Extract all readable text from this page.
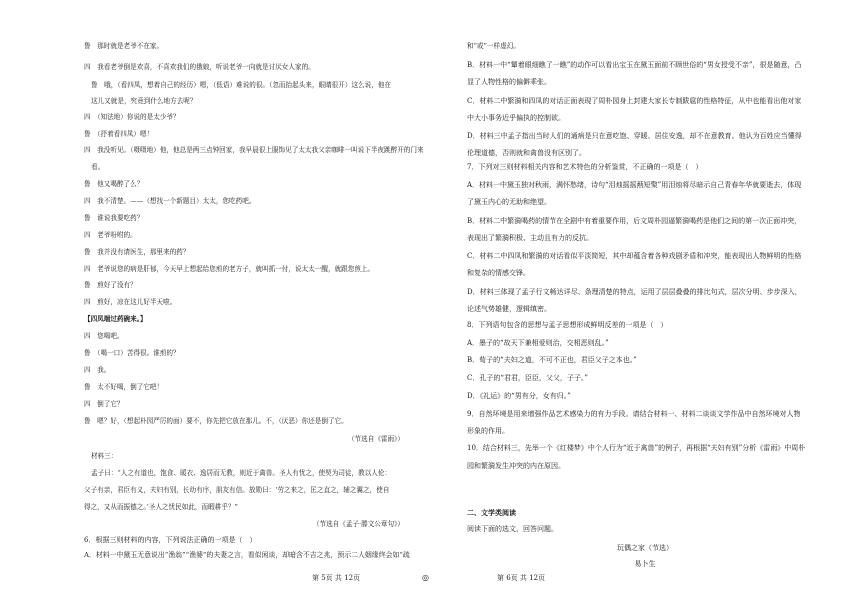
鲁　那时就是老爷不在家。
四　我看老爷倒是欢喜，不喜欢我们的俄娘，听说老爷一向就是讨厌女人家的。
鲁　哦，（看四凤，想着自己的经历）嗯，（低语）难说的很。（忽而抬起头来，眼睛很开）这么说，他在
这儿又就是，究竟到什么地方去呢？
四　（知法地）你说的是太少爷？
鲁　（抒着看四凤）嗯！
四　我没听见。（嗫嗫地）他，他总是两三点钟回家，我早晨很上服饰见了太太我父亲咖啡一叫说下半夜跳醉开的门来
看。
鲁　他又喝醉了么？
四　我不清楚。——（想找一个新题目）太太，您吃药吧。
鲁　谁说我要吃药？
四　老爷吩咐的。
鲁　我并没有请医生，那里来的药？
四　老爷说您的病是肝郁，今天早上想起给您煎的老方子，就叫抓一付，说太太一醒，就跟您煎上。
鲁　煎好了没有？
四　煎好，凉在这儿好半天啦。
【四凤端过药碗来。】
四　您喝吧。
鲁　（喝一口）苦得很。谁煎的？
四　我。
鲁　太不好喝，倒了它吧！
四　倒了它？
鲁　嗯？好，（想起朴园严厉的面）要不，你先把它放在那儿。不，（厌恶）你还是倒了它。
（节选自《雷雨》）
材料三：
孟子曰：“人之有道也，饱食、暖衣、逸居而无教，则近于禽兽。圣人有忧之，使契为司徒，教以人伦：
父子有亲，君臣有义，夫妇有别，长幼有序，朋友有信。放勋曰：‘劳之来之，匡之直之，辅之翼之，使自
得之，又从而振德之。’圣人之忧民如此，而暇耕乎？”
（节选自《孟子·滕文公章句》）
6．根据三则材料的内容，下列说法正确的一项是（　）
A．材料一中黛玉无意说出“渔翁”“渔婆”的夫妻之言，看似闲谈，却暗含不吉之兆，预示二人姻缘终会如“疏
和“或”一样虚幻。
B．材料一中“颦着眼细瞧了一瞧”的动作可以看出宝玉在黛玉面前不顾世俗的“男女授受不亲”，很是随意，凸
显了人物性格的偏僻乖张。
C．材料二中繁漪和四凤的对话正面表现了周朴园身上封建大家长专制跋扈的性格特征，从中也能看出他对家
中大小事务近乎偏执的控制欲。
D．材料三中孟子指出当时人们的通病是只在意吃饱、穿暖、居住安逸，却不在意教育。他认为百姓应当懂得
伦理道德，否则就和禽兽没有区别了。
7．下列对三则材料相关内容和艺术特色的分析鉴赏，不正确的一项是（　）
A．材料一中黛玉独对秋雨，满怀愁绪，诗句“泪烛摇摇爇短檠”用泪烛将尽暗示自己青春年华就要逝去，体现
了黛玉内心的无助和绝望。
B．材料二中繁漪喝药的情节在全剧中有着重要作用，后文周朴园逼繁漪喝药是他们之间的第一次正面冲突，
表现出了繁漪积极、主动且有力的反抗。
C．材料二中四凤和繁漪的对话看似平淡简短，其中却蕴含着各种戏剧矛盾和冲突，能表现出人物鲜明的性格
和复杂的情感交锋。
D．材料三体现了孟子行文畅达详尽、条理清楚的特点，运用了层层叠叠的排比句式，层次分明、步步深入，
论述气势雄健，逻辑缜密。
8．下列语句包含的思想与孟子思想形成鲜明反差的一项是（　）
A．墨子的“故天下兼相爱则治，交相恶则乱。”
B．荀子的“夫妇之道，不可不正也，君臣父子之本也。”
C．孔子的“君君，臣臣，父父，子子。”
D．《礼运》的“男有分，女有归。”
9．自然环境是用来增强作品艺术感染力的有力手段。请结合材料一、材料二谈谈文学作品中自然环境对人物
形象的作用。
10．结合材料三，先举一个《红楼梦》中个人行为“近于禽兽”的例子，再根据“夫妇有别”分析《雷雨》中周朴
园和繁漪发生冲突的内在原因。
二、文学类阅读
阅读下面的选文，回答问题。
玩偶之家（节选）
易卜生
第 5页 共 12页	◎	第 6页 共 12页
